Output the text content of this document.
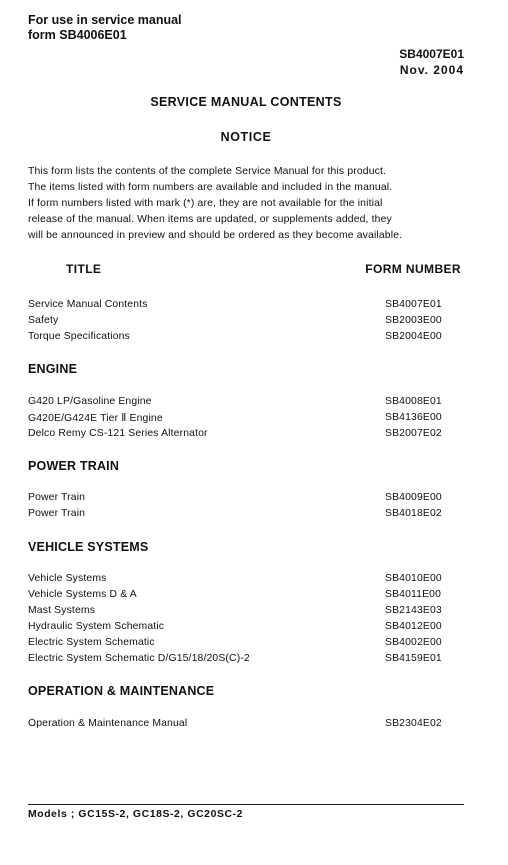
For use in service manual
form SB4006E01
SB4007E01
Nov. 2004
SERVICE MANUAL CONTENTS
NOTICE
This form lists the contents of the complete Service Manual for this product.
The items listed with form numbers are available and included in the manual.
If form numbers listed with mark (*) are, they are not available for the initial
release of the manual. When items are updated, or supplements added, they
will be announced in preview and should be ordered as they become available.
TITLE	FORM NUMBER
Service Manual Contents	SB4007E01
Safety	SB2003E00
Torque Specifications	SB2004E00
ENGINE
G420 LP/Gasoline Engine	SB4008E01
G420E/G424E Tier Ⅱ Engine	SB4136E00
Delco Remy CS-121 Series Alternator	SB2007E02
POWER TRAIN
Power Train	SB4009E00
Power Train	SB4018E02
VEHICLE SYSTEMS
Vehicle Systems	SB4010E00
Vehicle Systems D & A	SB4011E00
Mast Systems	SB2143E03
Hydraulic System Schematic	SB4012E00
Electric System Schematic	SB4002E00
Electric System Schematic D/G15/18/20S(C)-2	SB4159E01
OPERATION & MAINTENANCE
Operation & Maintenance Manual	SB2304E02
Models ; GC15S-2, GC18S-2, GC20SC-2
